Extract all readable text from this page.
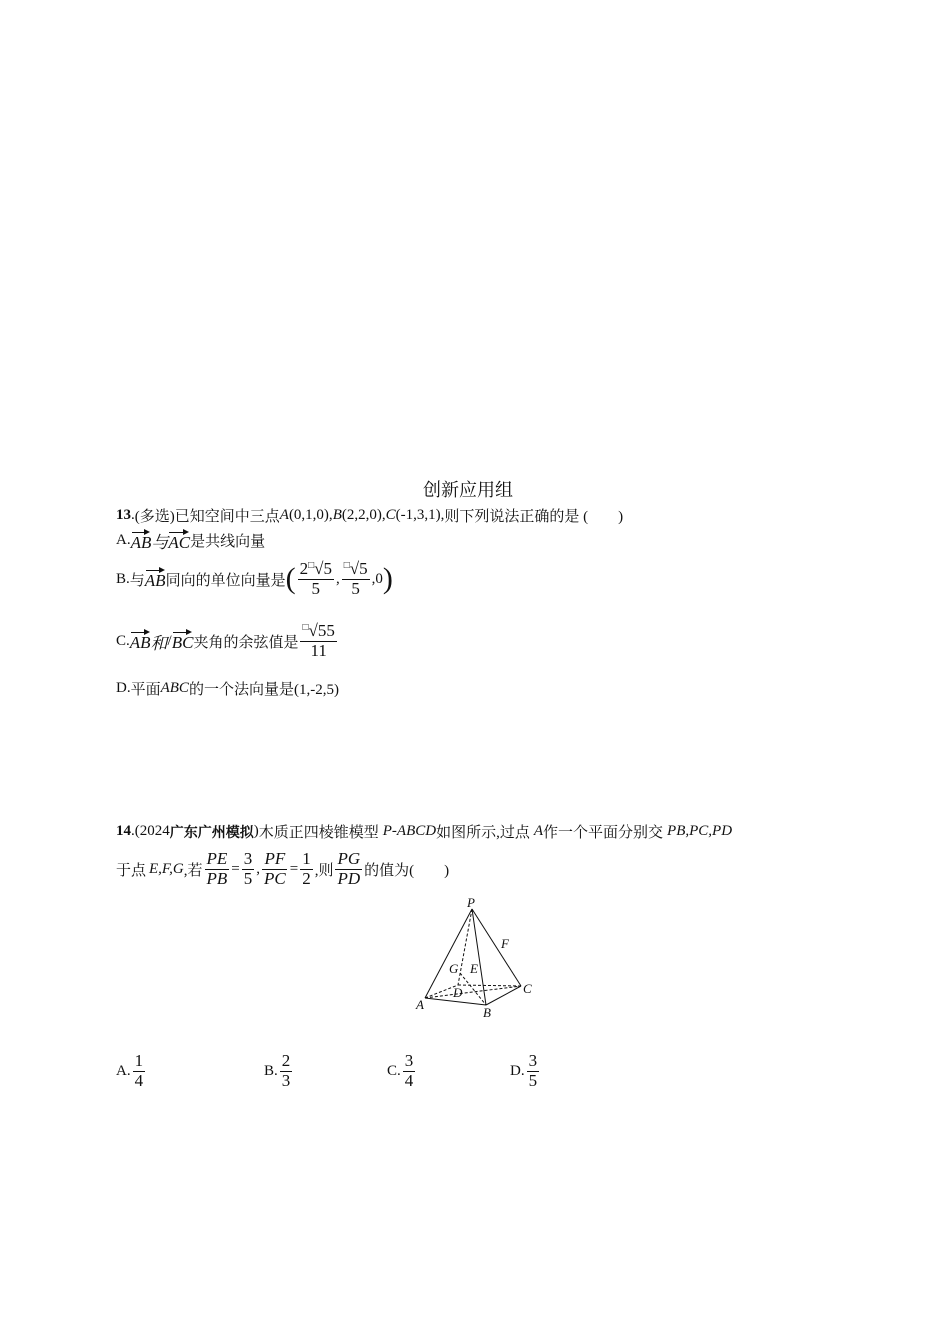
创新应用组
13 . (多选) 已知空间中三点 A (0,1,0), B (2,2,0), C (-1,3,1), 则下列说法正确的是 (　　)
A. AB 与 AC 是共线向量
B. 与 AB 同向的单位向量是 ( $\frac{2^□√5}{5}$ , $\frac{^□√5}{5} ,0$ )
C. AB 和 / BC 夹角的余弦值是 $\frac{^□√55}{11}$
D. 平面 ABC 的一个法向量是(1,-2,5)
14 . (2024 广东广州模拟 ) 木质正四棱锥模型 P-ABCD 如图所示,过点 A 作一个平面分别交 PB,PC,PD
于点 E,F,G ,若 $\frac{PE}{PB} = \frac{3}{5}$ , $\frac{PF}{PC} = \frac{1}{2}$ ,则 $\frac{PG}{PD}$ 的值为(　　)
P
F
G E
D	C
A
B
A. $\frac{1}{4}$	B. $\frac{2}{3}$	C. $\frac{3}{4}$	D. $\frac{3}{5}$
